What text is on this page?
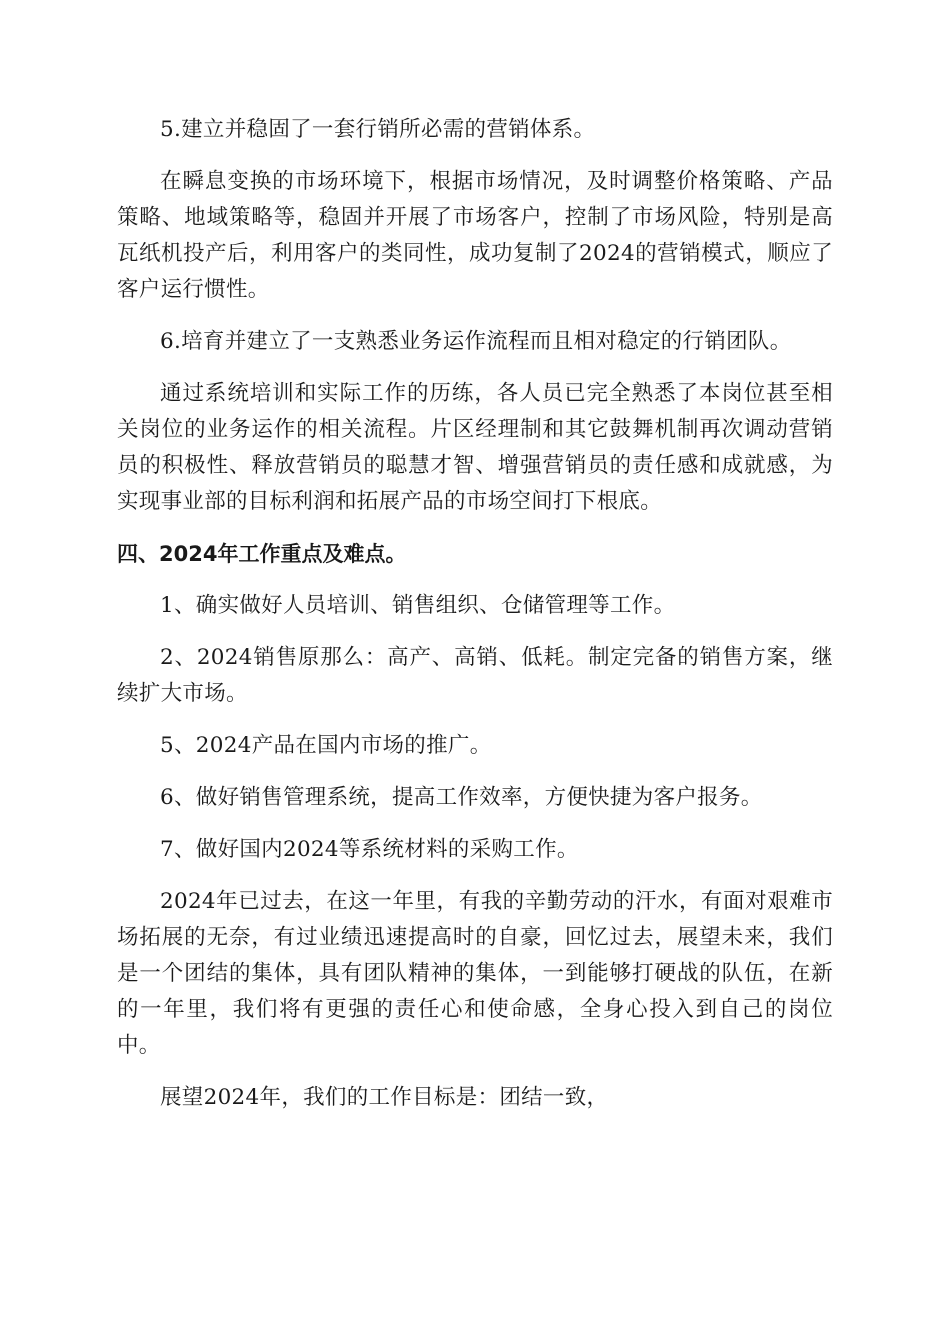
5.建立并稳固了一套行销所必需的营销体系。

在瞬息变换的市场环境下，根据市场情况，及时调整价格策略、产品策略、地域策略等，稳固并开展了市场客户，控制了市场风险，特别是高瓦纸机投产后，利用客户的类同性，成功复制了2024的营销模式，顺应了客户运行惯性。

6.培育并建立了一支熟悉业务运作流程而且相对稳定的行销团队。

通过系统培训和实际工作的历练，各人员已完全熟悉了本岗位甚至相关岗位的业务运作的相关流程。片区经理制和其它鼓舞机制再次调动营销员的积极性、释放营销员的聪慧才智、增强营销员的责任感和成就感，为实现事业部的目标利润和拓展产品的市场空间打下根底。

四、2024年工作重点及难点。

1、确实做好人员培训、销售组织、仓储管理等工作。

2、2024销售原那么：高产、高销、低耗。制定完备的销售方案，继续扩大市场。

5、2024产品在国内市场的推广。

6、做好销售管理系统，提高工作效率，方便快捷为客户报务。

7、做好国内2024等系统材料的采购工作。

2024年已过去，在这一年里，有我的辛勤劳动的汗水，有面对艰难市场拓展的无奈，有过业绩迅速提高时的自豪，回忆过去，展望未来，我们是一个团结的集体，具有团队精神的集体，一到能够打硬战的队伍，在新的一年里，我们将有更强的责任心和使命感，全身心投入到自己的岗位中。

展望2024年，我们的工作目标是：团结一致，
